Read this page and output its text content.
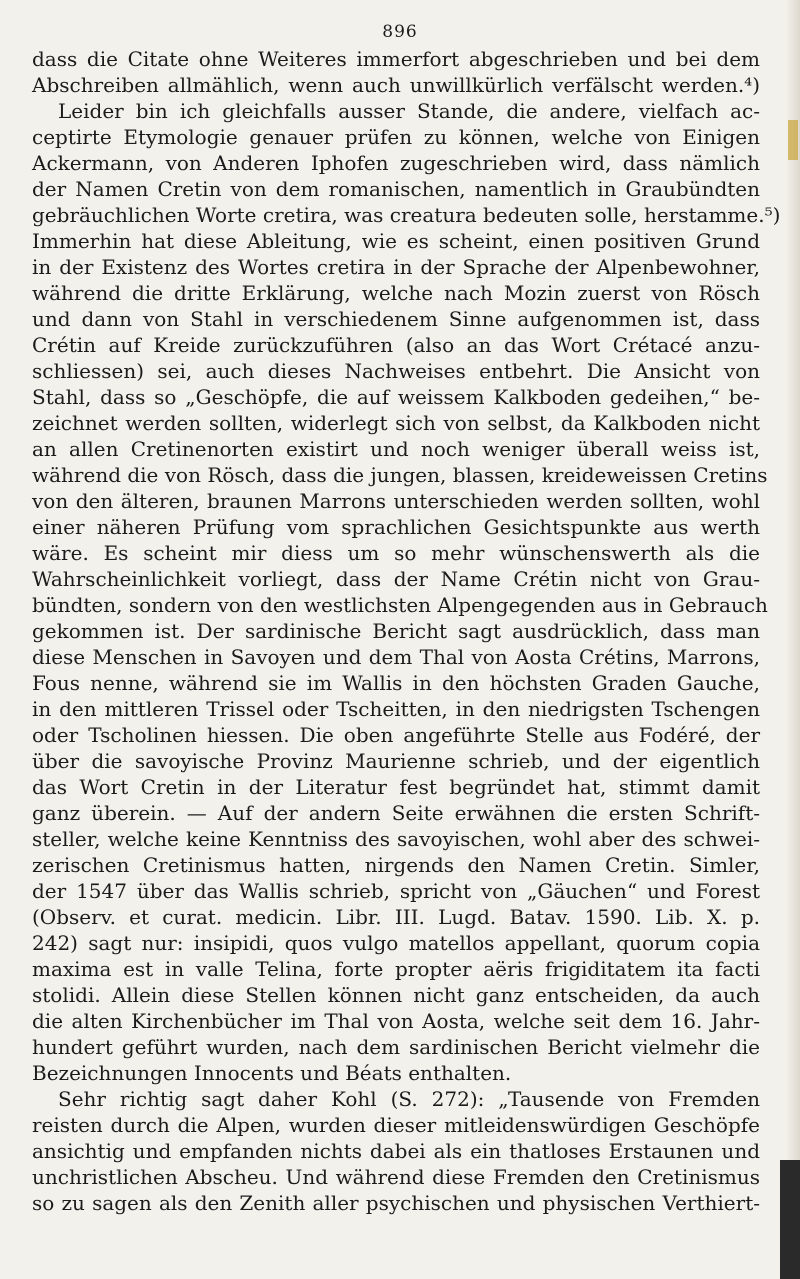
896
dass die Citate ohne Weiteres immerfort abgeschrieben und bei dem
Abschreiben allmählich, wenn auch unwillkürlich verfälscht werden.⁴)
Leider bin ich gleichfalls ausser Stande, die andere, vielfach ac-
ceptirte Etymologie genauer prüfen zu können, welche von Einigen
Ackermann, von Anderen Iphofen zugeschrieben wird, dass nämlich
der Namen Cretin von dem romanischen, namentlich in Graubündten
gebräuchlichen Worte cretira, was creatura bedeuten solle, herstamme.⁵)
Immerhin hat diese Ableitung, wie es scheint, einen positiven Grund
in der Existenz des Wortes cretira in der Sprache der Alpenbewohner,
während die dritte Erklärung, welche nach Mozin zuerst von Rösch
und dann von Stahl in verschiedenem Sinne aufgenommen ist, dass
Crétin auf Kreide zurückzuführen (also an das Wort Crétacé anzu-
schliessen) sei, auch dieses Nachweises entbehrt. Die Ansicht von
Stahl, dass so „Geschöpfe, die auf weissem Kalkboden gedeihen,“ be-
zeichnet werden sollten, widerlegt sich von selbst, da Kalkboden nicht
an allen Cretinenorten existirt und noch weniger überall weiss ist,
während die von Rösch, dass die jungen, blassen, kreideweissen Cretins
von den älteren, braunen Marrons unterschieden werden sollten, wohl
einer näheren Prüfung vom sprachlichen Gesichtspunkte aus werth
wäre. Es scheint mir diess um so mehr wünschenswerth als die
Wahrscheinlichkeit vorliegt, dass der Name Crétin nicht von Grau-
bündten, sondern von den westlichsten Alpengegenden aus in Gebrauch
gekommen ist. Der sardinische Bericht sagt ausdrücklich, dass man
diese Menschen in Savoyen und dem Thal von Aosta Crétins, Marrons,
Fous nenne, während sie im Wallis in den höchsten Graden Gauche,
in den mittleren Trissel oder Tscheitten, in den niedrigsten Tschengen
oder Tscholinen hiessen. Die oben angeführte Stelle aus Fodéré, der
über die savoyische Provinz Maurienne schrieb, und der eigentlich
das Wort Cretin in der Literatur fest begründet hat, stimmt damit
ganz überein. — Auf der andern Seite erwähnen die ersten Schrift-
steller, welche keine Kenntniss des savoyischen, wohl aber des schwei-
zerischen Cretinismus hatten, nirgends den Namen Cretin. Simler,
der 1547 über das Wallis schrieb, spricht von „Gäuchen“ und Forest
(Observ. et curat. medicin. Libr. III. Lugd. Batav. 1590. Lib. X. p.
242) sagt nur: insipidi, quos vulgo matellos appellant, quorum copia
maxima est in valle Telina, forte propter aëris frigiditatem ita facti
stolidi. Allein diese Stellen können nicht ganz entscheiden, da auch
die alten Kirchenbücher im Thal von Aosta, welche seit dem 16. Jahr-
hundert geführt wurden, nach dem sardinischen Bericht vielmehr die
Bezeichnungen Innocents und Béats enthalten.
Sehr richtig sagt daher Kohl (S. 272): „Tausende von Fremden
reisten durch die Alpen, wurden dieser mitleidenswürdigen Geschöpfe
ansichtig und empfanden nichts dabei als ein thatloses Erstaunen und
unchristlichen Abscheu. Und während diese Fremden den Cretinismus
so zu sagen als den Zenith aller psychischen und physischen Verthiert-
